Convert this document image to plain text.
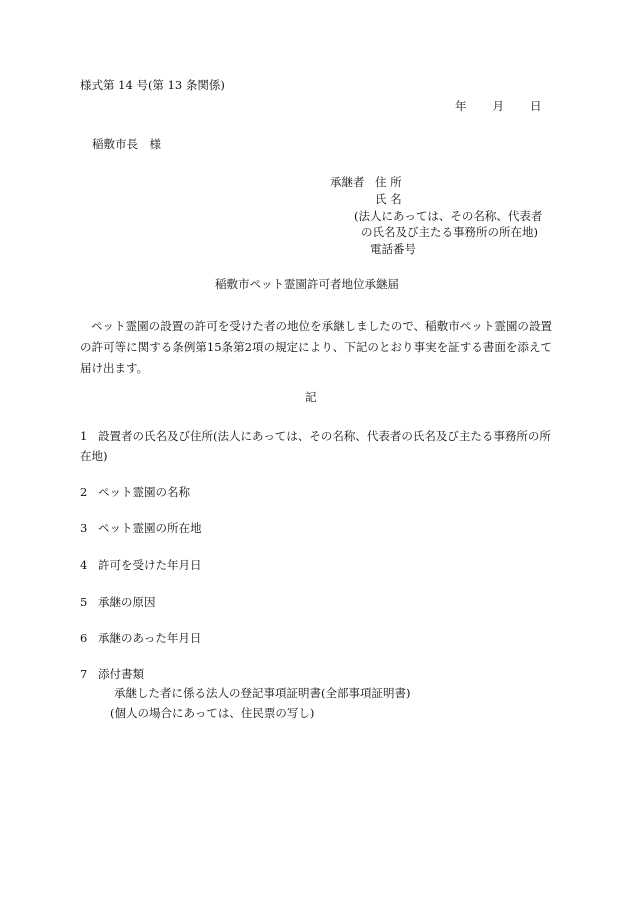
様式第 14 号(第 13 条関係)
年 月 日
稲敷市長　様
承継者 住 所
氏 名
(法人にあっては、その名称、代表者
の氏名及び主たる事務所の所在地)
電話番号
稲敷市ペット霊園許可者地位承継届
ペット霊園の設置の許可を受けた者の地位を承継しましたので、稲敷市ペット霊園の設置の許可等に関する条例第15条第2項の規定により、下記のとおり事実を証する書面を添えて届け出ます。
記
1 設置者の氏名及び住所(法人にあっては、その名称、代表者の氏名及び主たる事務所の所在地)
2 ペット霊園の名称
3 ペット霊園の所在地
4 許可を受けた年月日
5 承継の原因
6 承継のあった年月日
7 添付書類
承継した者に係る法人の登記事項証明書(全部事項証明書)
(個人の場合にあっては、住民票の写し)
